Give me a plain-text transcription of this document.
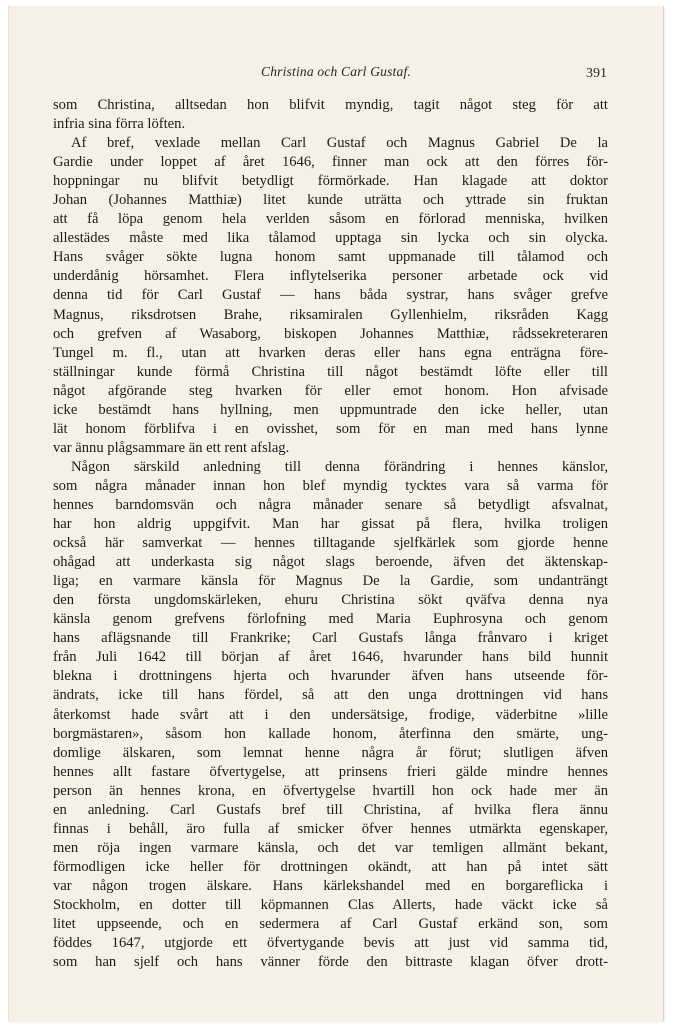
Christina och Carl Gustaf.	391
som Christina, alltsedan hon blifvit myndig, tagit något steg för att
infria sina förra löften.
Af bref, vexlade mellan Carl Gustaf och Magnus Gabriel De la
Gardie under loppet af året 1646, finner man ock att den förres för-
hoppningar nu blifvit betydligt förmörkade. Han klagade att doktor
Johan (Johannes Matthiæ) litet kunde uträtta och yttrade sin fruktan
att få löpa genom hela verlden såsom en förlorad menniska, hvilken
allestädes måste med lika tålamod upptaga sin lycka och sin olycka.
Hans svåger sökte lugna honom samt uppmanade till tålamod och
underdånig hörsamhet. Flera inflytelserika personer arbetade ock vid
denna tid för Carl Gustaf — hans båda systrar, hans svåger grefve
Magnus, riksdrotsen Brahe, riksamiralen Gyllenhielm, riksråden Kagg
och grefven af Wasaborg, biskopen Johannes Matthiæ, rådssekreteraren
Tungel m. fl., utan att hvarken deras eller hans egna enträgna före-
ställningar kunde förmå Christina till något bestämdt löfte eller till
något afgörande steg hvarken för eller emot honom. Hon afvisade
icke bestämdt hans hyllning, men uppmuntrade den icke heller, utan
lät honom förblifva i en ovisshet, som för en man med hans lynne
var ännu plågsammare än ett rent afslag.
Någon särskild anledning till denna förändring i hennes känslor,
som några månader innan hon blef myndig tycktes vara så varma för
hennes barndomsvän och några månader senare så betydligt afsvalnat,
har hon aldrig uppgifvit. Man har gissat på flera, hvilka troligen
också här samverkat — hennes tilltagande sjelfkärlek som gjorde henne
ohågad att underkasta sig något slags beroende, äfven det äktenskap-
liga; en varmare känsla för Magnus De la Gardie, som undanträngt
den första ungdomskärleken, ehuru Christina sökt qväfva denna nya
känsla genom grefvens förlofning med Maria Euphrosyna och genom
hans aflägsnande till Frankrike; Carl Gustafs långa frånvaro i kriget
från Juli 1642 till början af året 1646, hvarunder hans bild hunnit
blekna i drottningens hjerta och hvarunder äfven hans utseende för-
ändrats, icke till hans fördel, så att den unga drottningen vid hans
återkomst hade svårt att i den undersätsige, frodige, väderbitne »lille
borgmästaren», såsom hon kallade honom, återfinna den smärte, ung-
domlige älskaren, som lemnat henne några år förut; slutligen äfven
hennes allt fastare öfvertygelse, att prinsens frieri gälde mindre hennes
person än hennes krona, en öfvertygelse hvartill hon ock hade mer än
en anledning. Carl Gustafs bref till Christina, af hvilka flera ännu
finnas i behåll, äro fulla af smicker öfver hennes utmärkta egenskaper,
men röja ingen varmare känsla, och det var temligen allmänt bekant,
förmodligen icke heller för drottningen okändt, att han på intet sätt
var någon trogen älskare. Hans kärlekshandel med en borgareflicka i
Stockholm, en dotter till köpmannen Clas Allerts, hade väckt icke så
litet uppseende, och en sedermera af Carl Gustaf erkänd son, som
föddes 1647, utgjorde ett öfvertygande bevis att just vid samma tid,
som han sjelf och hans vänner förde den bittraste klagan öfver drott-
